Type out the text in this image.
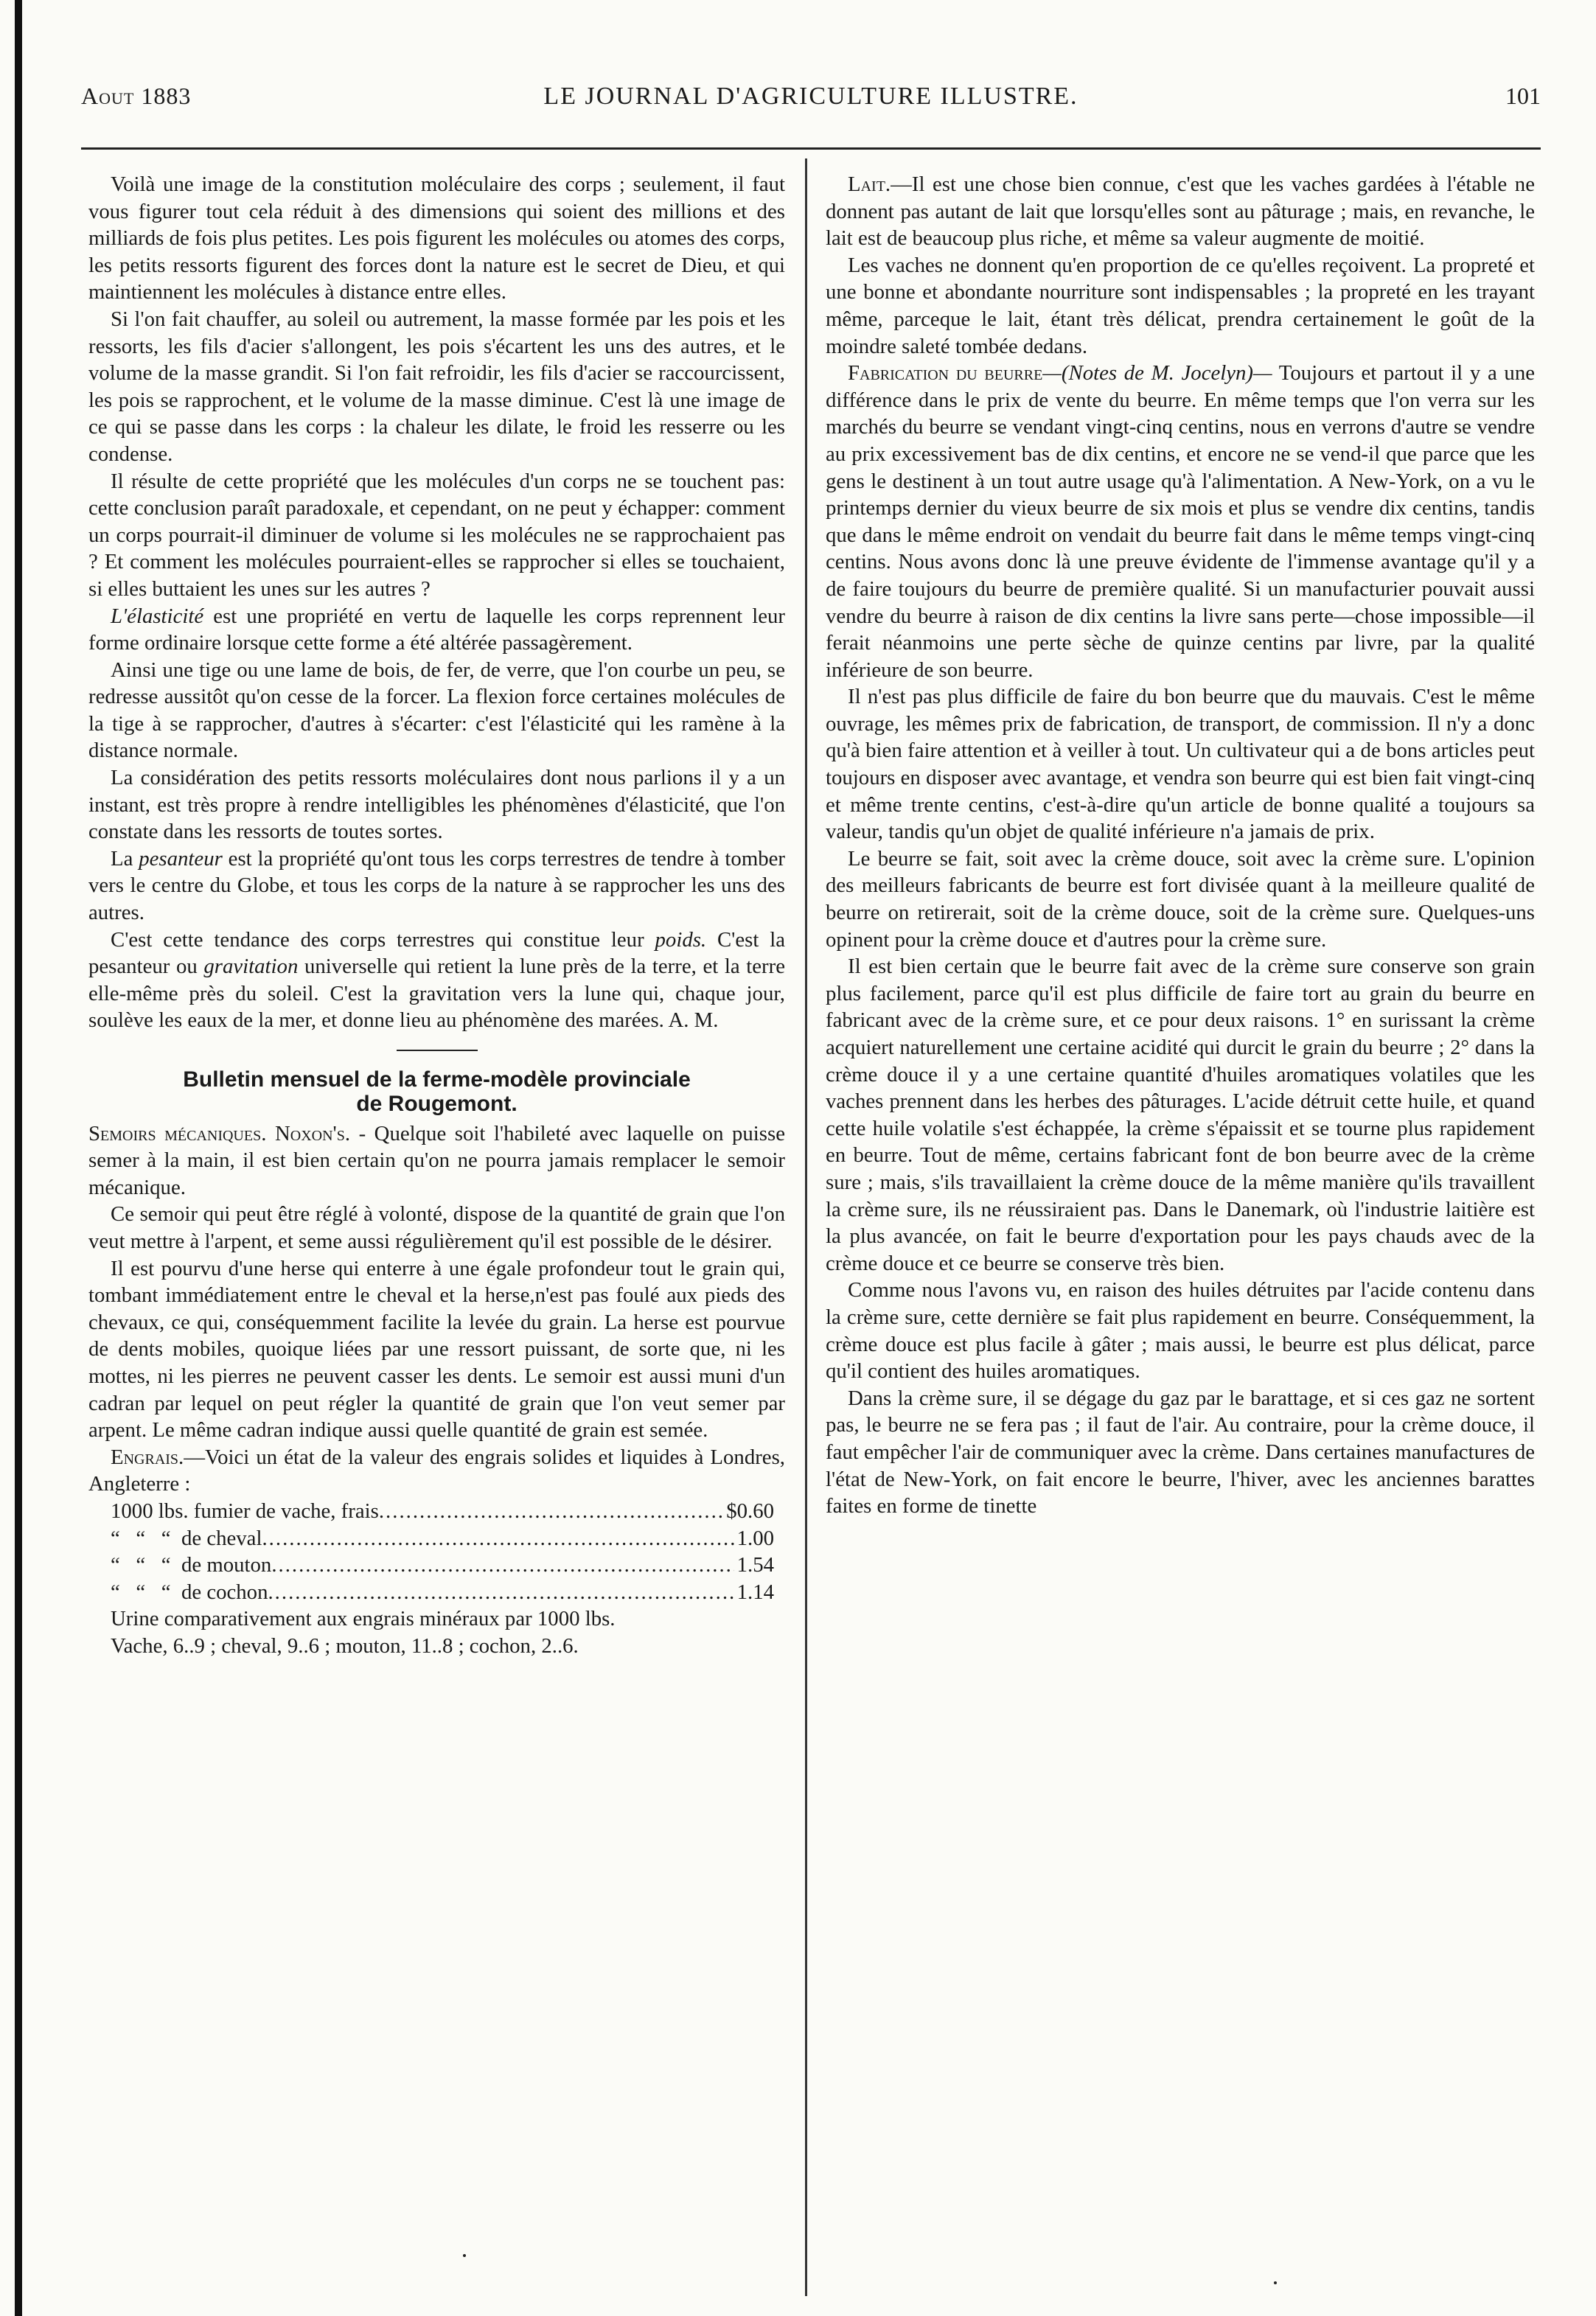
LE JOURNAL D'AGRICULTURE ILLUSTRE.
Aout 1883	101

Voilà une image de la constitution moléculaire des corps ; seulement, il faut vous figurer tout cela réduit à des dimensions qui soient des millions et des milliards de fois plus petites. Les pois figurent les molécules ou atomes des corps, les petits ressorts figurent des forces dont la nature est le secret de Dieu, et qui maintiennent les molécules à distance entre elles.

Si l'on fait chauffer, au soleil ou autrement, la masse formée par les pois et les ressorts, les fils d'acier s'allongent, les pois s'écartent les uns des autres, et le volume de la masse grandit. Si l'on fait refroidir, les fils d'acier se raccourcissent, les pois se rapprochent, et le volume de la masse diminue. C'est là une image de ce qui se passe dans les corps : la chaleur les dilate, le froid les resserre ou les condense.

Il résulte de cette propriété que les molécules d'un corps ne se touchent pas: cette conclusion paraît paradoxale, et cependant, on ne peut y échapper: comment un corps pourrait-il diminuer de volume si les molécules ne se rapprochaient pas ? Et comment les molécules pourraient-elles se rapprocher si elles se touchaient, si elles buttaient les unes sur les autres ?

L'élasticité est une propriété en vertu de laquelle les corps reprennent leur forme ordinaire lorsque cette forme a été altérée passagèrement.

Ainsi une tige ou une lame de bois, de fer, de verre, que l'on courbe un peu, se redresse aussitôt qu'on cesse de la forcer. La flexion force certaines molécules de la tige à se rapprocher, d'autres à s'écarter: c'est l'élasticité qui les ramène à la distance normale.

La considération des petits ressorts moléculaires dont nous parlions il y a un instant, est très propre à rendre intelligibles les phénomènes d'élasticité, que l'on constate dans les ressorts de toutes sortes.

La pesanteur est la propriété qu'ont tous les corps terrestres de tendre à tomber vers le centre du Globe, et tous les corps de la nature à se rapprocher les uns des autres.

C'est cette tendance des corps terrestres qui constitue leur poids. C'est la pesanteur ou gravitation universelle qui retient la lune près de la terre, et la terre elle-même près du soleil. C'est la gravitation vers la lune qui, chaque jour, soulève les eaux de la mer, et donne lieu au phénomène des marées. A. M.

Bulletin mensuel de la ferme-modèle provinciale
de Rougemont.

Semoirs mécaniques. Noxon's. - Quelque soit l'habileté avec laquelle on puisse semer à la main, il est bien certain qu'on ne pourra jamais remplacer le semoir mécanique.

Ce semoir qui peut être réglé à volonté, dispose de la quantité de grain que l'on veut mettre à l'arpent, et seme aussi régulièrement qu'il est possible de le désirer.

Il est pourvu d'une herse qui enterre à une égale profondeur tout le grain qui, tombant immédiatement entre le cheval et la herse,n'est pas foulé aux pieds des chevaux, ce qui, conséquemment facilite la levée du grain. La herse est pourvue de dents mobiles, quoique liées par une ressort puissant, de sorte que, ni les mottes, ni les pierres ne peuvent casser les dents. Le semoir est aussi muni d'un cadran par lequel on peut régler la quantité de grain que l'on veut semer par arpent. Le même cadran indique aussi quelle quantité de grain est semée.

Engrais.—Voici un état de la valeur des engrais solides et liquides à Londres, Angleterre :

1000 lbs. fumier de vache, frais .....	$0.60
“   “   “  de cheval .....	1.00
“   “   “  de mouton .....	1.54
“   “   “  de cochon .....	1.14

Urine comparativement aux engrais minéraux par 1000 lbs.

Vache, 6..9 ; cheval, 9..6 ; mouton, 11..8 ; cochon, 2..6.

Lait.—Il est une chose bien connue, c'est que les vaches gardées à l'étable ne donnent pas autant de lait que lorsqu'elles sont au pâturage ; mais, en revanche, le lait est de beaucoup plus riche, et même sa valeur augmente de moitié.

Les vaches ne donnent qu'en proportion de ce qu'elles reçoivent. La propreté et une bonne et abondante nourriture sont indispensables ; la propreté en les trayant même, parceque le lait, étant très délicat, prendra certainement le goût de la moindre saleté tombée dedans.

Fabrication du beurre—(Notes de M. Jocelyn)— Toujours et partout il y a une différence dans le prix de vente du beurre. En même temps que l'on verra sur les marchés du beurre se vendant vingt-cinq centins, nous en verrons d'autre se vendre au prix excessivement bas de dix centins, et encore ne se vend-il que parce que les gens le destinent à un tout autre usage qu'à l'alimentation. A New-York, on a vu le printemps dernier du vieux beurre de six mois et plus se vendre dix centins, tandis que dans le même endroit on vendait du beurre fait dans le même temps vingt-cinq centins. Nous avons donc là une preuve évidente de l'immense avantage qu'il y a de faire toujours du beurre de première qualité. Si un manufacturier pouvait aussi vendre du beurre à raison de dix centins la livre sans perte—chose impossible—il ferait néanmoins une perte sèche de quinze centins par livre, par la qualité inférieure de son beurre.

Il n'est pas plus difficile de faire du bon beurre que du mauvais. C'est le même ouvrage, les mêmes prix de fabrication, de transport, de commission. Il n'y a donc qu'à bien faire attention et à veiller à tout. Un cultivateur qui a de bons articles peut toujours en disposer avec avantage, et vendra son beurre qui est bien fait vingt-cinq et même trente centins, c'est-à-dire qu'un article de bonne qualité a toujours sa valeur, tandis qu'un objet de qualité inférieure n'a jamais de prix.

Le beurre se fait, soit avec la crème douce, soit avec la crème sure. L'opinion des meilleurs fabricants de beurre est fort divisée quant à la meilleure qualité de beurre on retirerait, soit de la crème douce, soit de la crème sure. Quelques-uns opinent pour la crème douce et d'autres pour la crème sure.

Il est bien certain que le beurre fait avec de la crème sure conserve son grain plus facilement, parce qu'il est plus difficile de faire tort au grain du beurre en fabricant avec de la crème sure, et ce pour deux raisons. 1° en surissant la crème acquiert naturellement une certaine acidité qui durcit le grain du beurre ; 2° dans la crème douce il y a une certaine quantité d'huiles aromatiques volatiles que les vaches prennent dans les herbes des pâturages. L'acide détruit cette huile, et quand cette huile volatile s'est échappée, la crème s'épaissit et se tourne plus rapidement en beurre. Tout de même, certains fabricant font de bon beurre avec de la crème sure ; mais, s'ils travaillaient la crème douce de la même manière qu'ils travaillent la crème sure, ils ne réussiraient pas. Dans le Danemark, où l'industrie laitière est la plus avancée, on fait le beurre d'exportation pour les pays chauds avec de la crème douce et ce beurre se conserve très bien.

Comme nous l'avons vu, en raison des huiles détruites par l'acide contenu dans la crème sure, cette dernière se fait plus rapidement en beurre. Conséquemment, la crème douce est plus facile à gâter ; mais aussi, le beurre est plus délicat, parce qu'il contient des huiles aromatiques.

Dans la crème sure, il se dégage du gaz par le barattage, et si ces gaz ne sortent pas, le beurre ne se fera pas ; il faut de l'air. Au contraire, pour la crème douce, il faut empêcher l'air de communiquer avec la crème. Dans certaines manufactures de l'état de New-York, on fait encore le beurre, l'hiver, avec les anciennes barattes faites en forme de tinette
